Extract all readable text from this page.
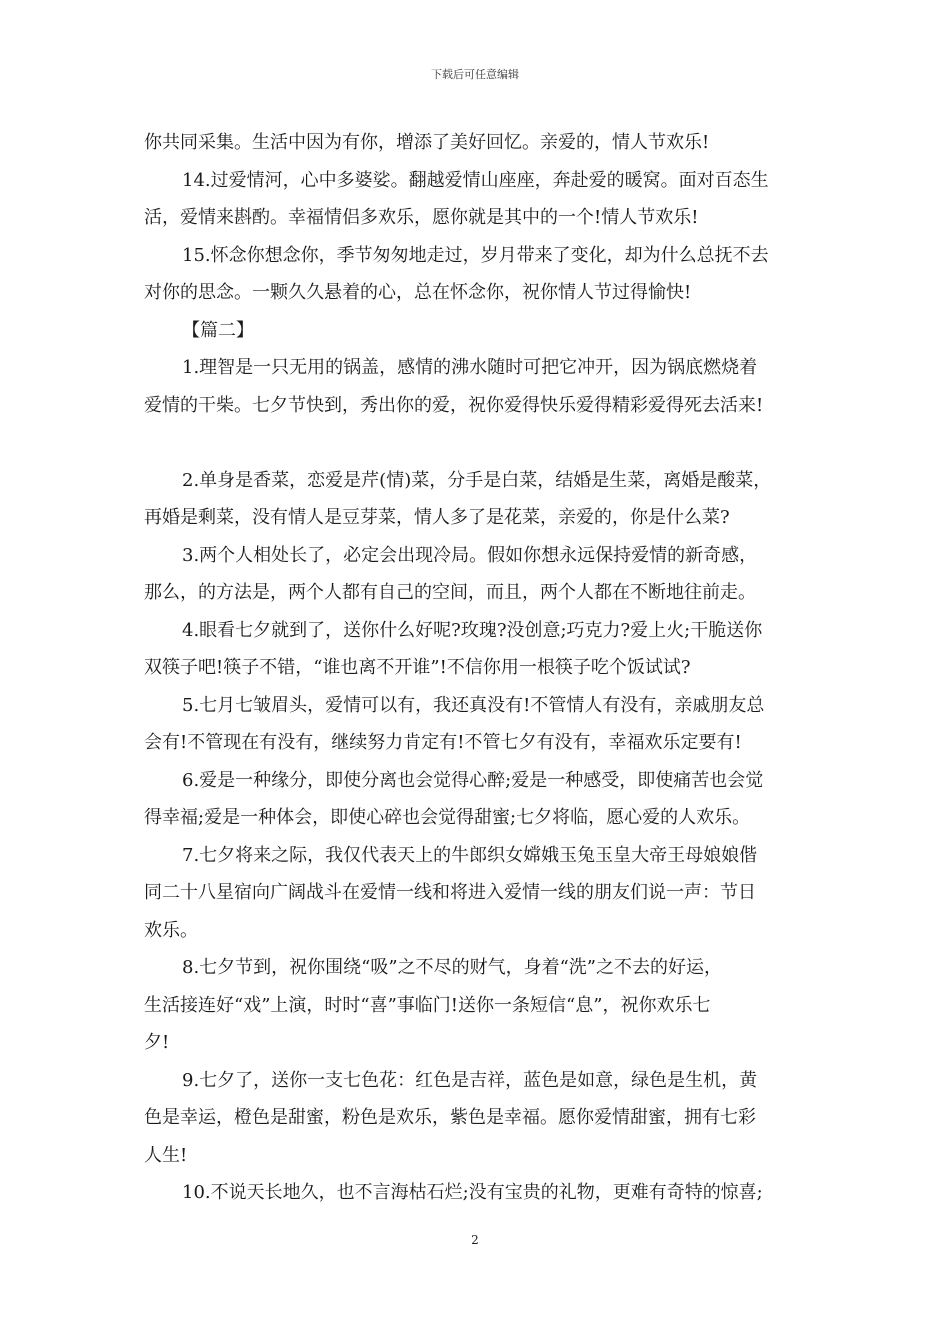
下载后可任意编辑
你共同采集。生活中因为有你，增添了美好回忆。亲爱的，情人节欢乐!
14.过爱情河，心中多婆娑。翻越爱情山座座，奔赴爱的暖窝。面对百态生
活，爱情来斟酌。幸福情侣多欢乐，愿你就是其中的一个!情人节欢乐!
15.怀念你想念你，季节匆匆地走过，岁月带来了变化，却为什么总抚不去
对你的思念。一颗久久悬着的心，总在怀念你，祝你情人节过得愉快!
【篇二】
1.理智是一只无用的锅盖，感情的沸水随时可把它冲开，因为锅底燃烧着
爱情的干柴。七夕节快到，秀出你的爱，祝你爱得快乐爱得精彩爱得死去活来!
2.单身是香菜，恋爱是芹(情)菜，分手是白菜，结婚是生菜，离婚是酸菜，
再婚是剩菜，没有情人是豆芽菜，情人多了是花菜，亲爱的，你是什么菜?
3.两个人相处长了，必定会出现冷局。假如你想永远保持爱情的新奇感，
那么，的方法是，两个人都有自己的空间，而且，两个人都在不断地往前走。
4.眼看七夕就到了，送你什么好呢?玫瑰?没创意;巧克力?爱上火;干脆送你
双筷子吧!筷子不错，“谁也离不开谁”!不信你用一根筷子吃个饭试试?
5.七月七皱眉头，爱情可以有，我还真没有!不管情人有没有，亲戚朋友总
会有!不管现在有没有，继续努力肯定有!不管七夕有没有，幸福欢乐定要有!
6.爱是一种缘分，即使分离也会觉得心醉;爱是一种感受，即使痛苦也会觉
得幸福;爱是一种体会，即使心碎也会觉得甜蜜;七夕将临，愿心爱的人欢乐。
7.七夕将来之际，我仅代表天上的牛郎织女嫦娥玉兔玉皇大帝王母娘娘偕
同二十八星宿向广阔战斗在爱情一线和将进入爱情一线的朋友们说一声：节日
欢乐。
8.七夕节到，祝你围绕“吸”之不尽的财气，身着“洗”之不去的好运，
生活接连好“戏”上演，时时“喜”事临门!送你一条短信“息”，祝你欢乐七
夕!
9.七夕了，送你一支七色花：红色是吉祥，蓝色是如意，绿色是生机，黄
色是幸运，橙色是甜蜜，粉色是欢乐，紫色是幸福。愿你爱情甜蜜，拥有七彩
人生!
10.不说天长地久，也不言海枯石烂;没有宝贵的礼物，更难有奇特的惊喜;
2
